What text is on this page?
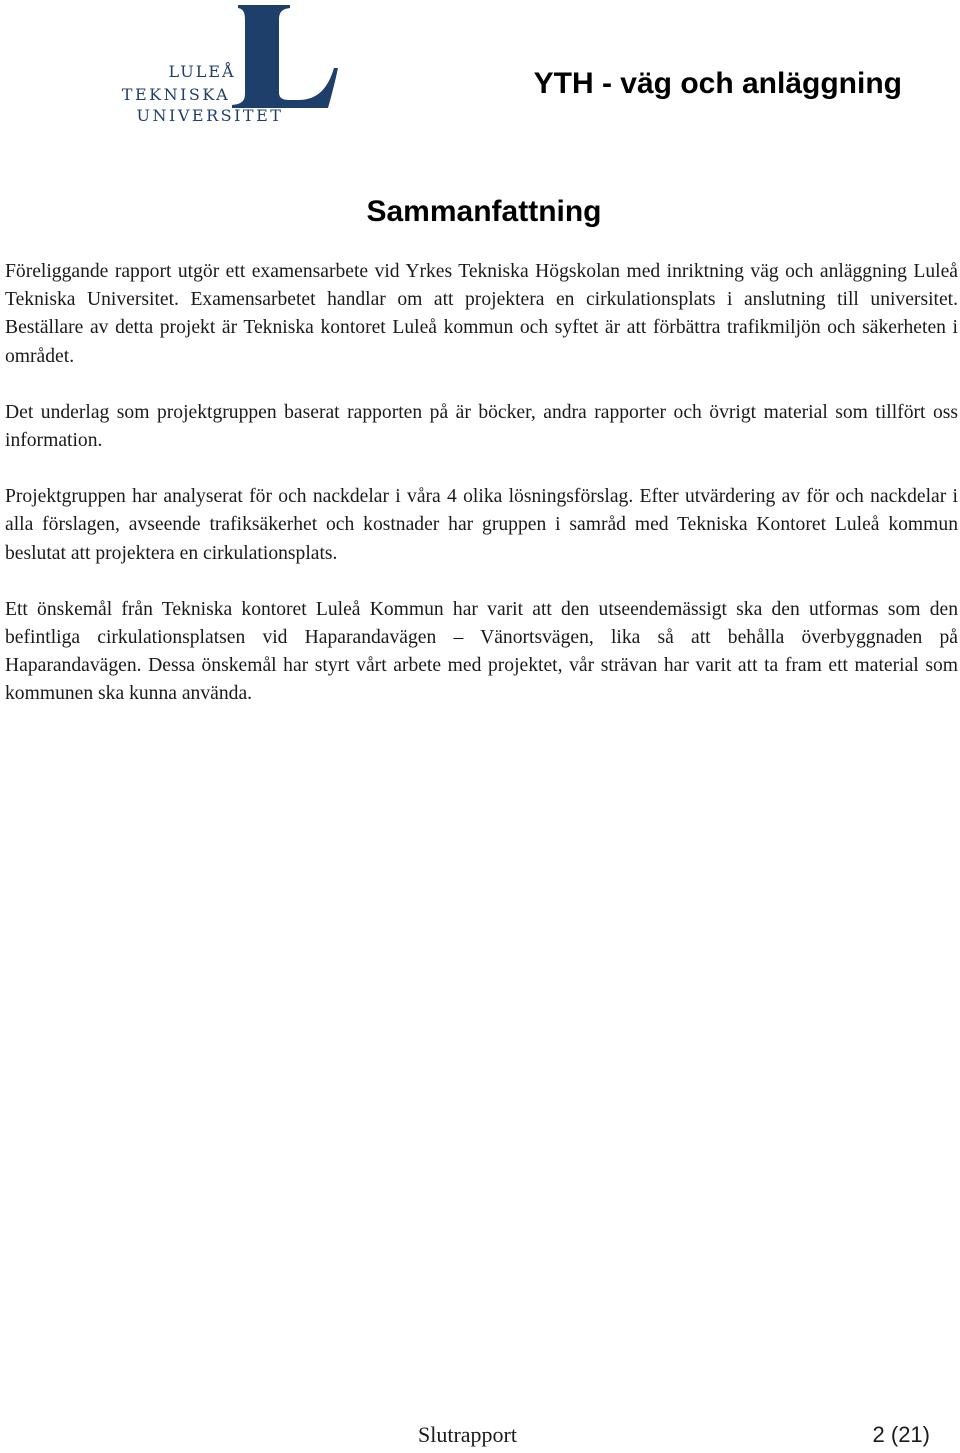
LULEÅ
TEKNISKA
UNIVERSITET
YTH - väg och anläggning
Sammanfattning

Föreliggande rapport utgör ett examensarbete vid Yrkes Tekniska Högskolan med inriktning väg och anläggning Luleå Tekniska Universitet. Examensarbetet handlar om att projektera en cirkulationsplats i anslutning till universitet. Beställare av detta projekt är Tekniska kontoret Luleå kommun och syftet är att förbättra trafikmiljön och säkerheten i området.

Det underlag som projektgruppen baserat rapporten på är böcker, andra rapporter och övrigt material som tillfört oss information.

Projektgruppen har analyserat för och nackdelar i våra 4 olika lösningsförslag. Efter utvärdering av för och nackdelar i alla förslagen, avseende trafiksäkerhet och kostnader har gruppen i samråd med Tekniska Kontoret Luleå kommun beslutat att projektera en cirkulationsplats.

Ett önskemål från Tekniska kontoret Luleå Kommun har varit att den utseendemässigt ska den utformas som den befintliga cirkulationsplatsen vid Haparandavägen – Vänortsvägen, lika så att behålla överbyggnaden på Haparandavägen. Dessa önskemål har styrt vårt arbete med projektet, vår strävan har varit att ta fram ett material som kommunen ska kunna använda.

Slutrapport	2 (21)
